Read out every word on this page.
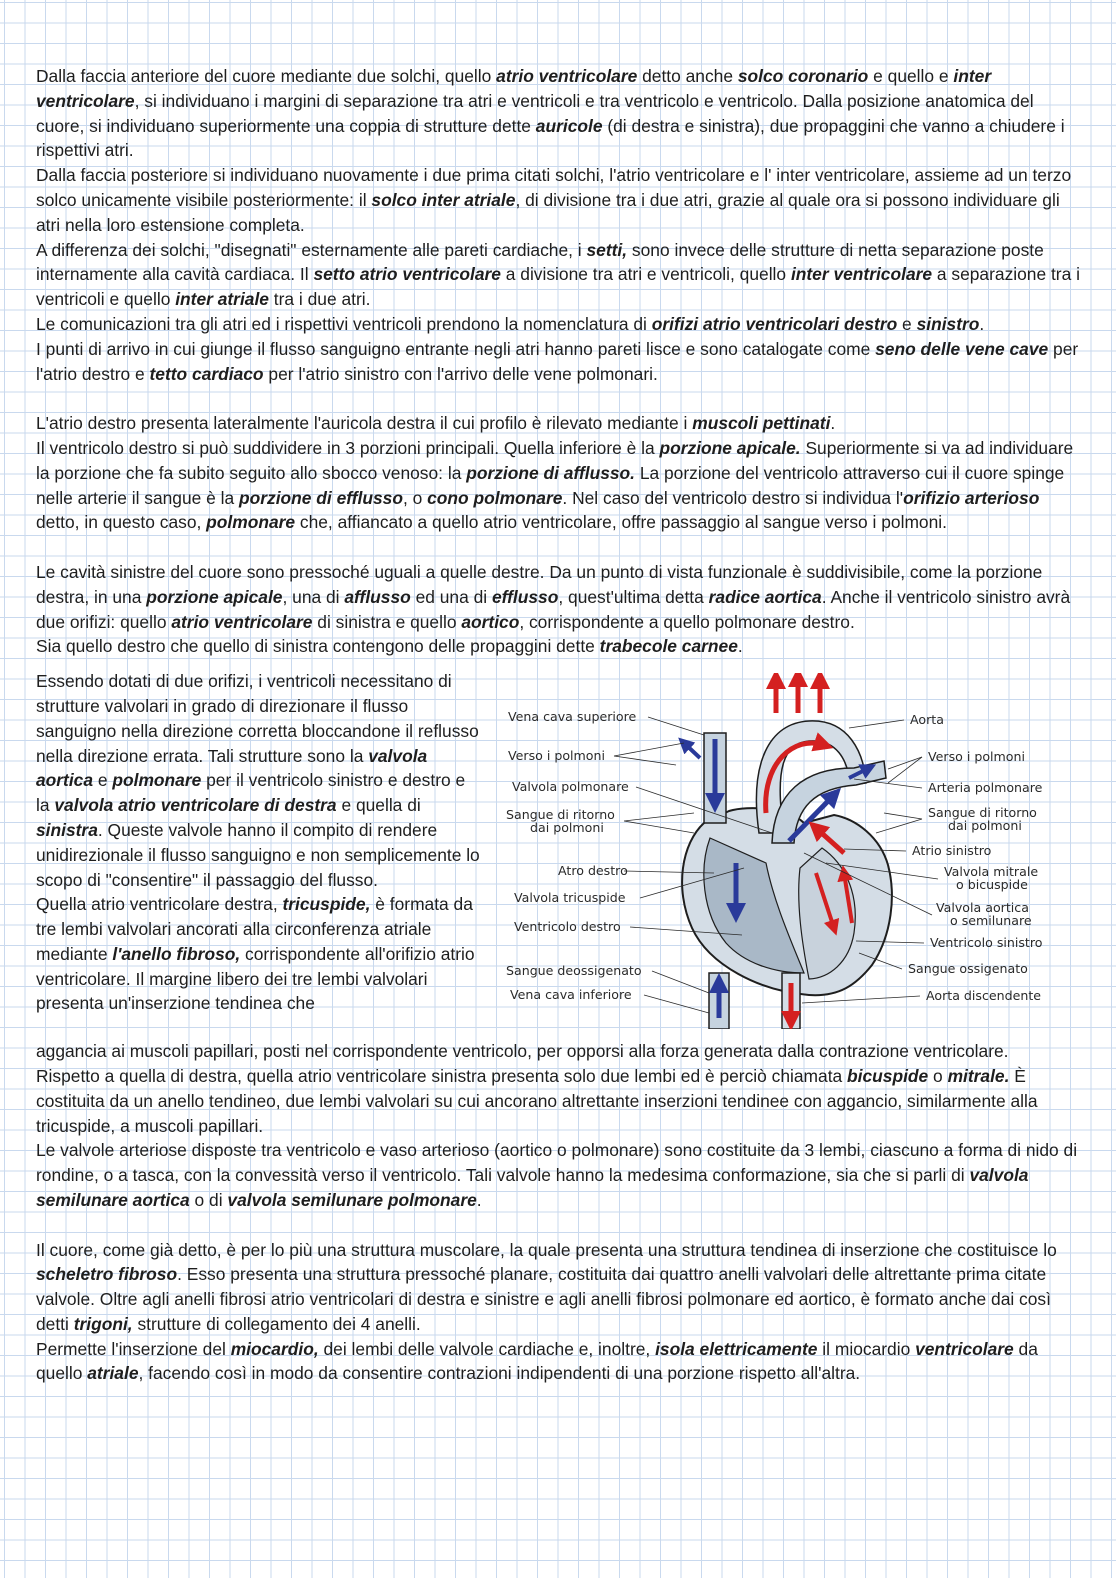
Dalla faccia anteriore del cuore mediante due solchi, quello atrio ventricolare detto anche solco coronario e quello e inter ventricolare, si individuano i margini di separazione tra atri e ventricoli e tra ventricolo e ventricolo. Dalla posizione anatomica del cuore, si individuano superiormente una coppia di strutture dette auricole (di destra e sinistra), due propaggini che vanno a chiudere i rispettivi atri.

Dalla faccia posteriore si individuano nuovamente i due prima citati solchi, l'atrio ventricolare e l' inter ventricolare, assieme ad un terzo solco unicamente visibile posteriormente: il solco inter atriale, di divisione tra i due atri, grazie al quale ora si possono individuare gli atri nella loro estensione completa.

A differenza dei solchi, "disegnati" esternamente alle pareti cardiache, i setti, sono invece delle strutture di netta separazione poste internamente alla cavità cardiaca. Il setto atrio ventricolare a divisione tra atri e ventricoli, quello inter ventricolare a separazione tra i ventricoli e quello inter atriale tra i due atri.

Le comunicazioni tra gli atri ed i rispettivi ventricoli prendono la nomenclatura di orifizi atrio ventricolari destro e sinistro.

I punti di arrivo in cui giunge il flusso sanguigno entrante negli atri hanno pareti lisce e sono catalogate come seno delle vene cave per l'atrio destro e tetto cardiaco per l'atrio sinistro con l'arrivo delle vene polmonari.

L'atrio destro presenta lateralmente l'auricola destra il cui profilo è rilevato mediante i muscoli pettinati.

Il ventricolo destro si può suddividere in 3 porzioni principali. Quella inferiore è la porzione apicale. Superiormente si va ad individuare la porzione che fa subito seguito allo sbocco venoso: la porzione di afflusso. La porzione del ventricolo attraverso cui il cuore spinge nelle arterie il sangue è la porzione di efflusso, o cono polmonare. Nel caso del ventricolo destro si individua l'orifizio arterioso detto, in questo caso, polmonare che, affiancato a quello atrio ventricolare, offre passaggio al sangue verso i polmoni.

Le cavità sinistre del cuore sono pressoché uguali a quelle destre. Da un punto di vista funzionale è suddivisibile, come la porzione destra, in una porzione apicale, una di afflusso ed una di efflusso, quest'ultima detta radice aortica. Anche il ventricolo sinistro avrà due orifizi: quello atrio ventricolare di sinistra e quello aortico, corrispondente a quello polmonare destro.

Sia quello destro che quello di sinistra contengono delle propaggini dette trabecole carnee.

Essendo dotati di due orifizi, i ventricoli necessitano di strutture valvolari in grado di direzionare il flusso sanguigno nella direzione corretta bloccandone il reflusso nella direzione errata. Tali strutture sono la valvola aortica e polmonare per il ventricolo sinistro e destro e la valvola atrio ventricolare di destra e quella di sinistra. Queste valvole hanno il compito di rendere unidirezionale il flusso sanguigno e non semplicemente lo scopo di "consentire" il passaggio del flusso.

Quella atrio ventricolare destra, tricuspide, è formata da tre lembi valvolari ancorati alla circonferenza atriale mediante l'anello fibroso, corrispondente all'orifizio atrio ventricolare. Il margine libero dei tre lembi valvolari presenta un'inserzione tendinea che

Vena cava superiore
Verso i polmoni
Valvola polmonare
Sangue di ritorno
dai polmoni
Atro destro
Valvola tricuspide
Ventricolo destro
Sangue deossigenato
Vena cava inferiore
Aorta
Verso i polmoni
Arteria polmonare
Sangue di ritorno
dai polmoni
Atrio sinistro
Valvola mitrale
o bicuspide
Valvola aortica
o semilunare
Ventricolo sinistro
Sangue ossigenato
Aorta discendente

aggancia ai muscoli papillari, posti nel corrispondente ventricolo, per opporsi alla forza generata dalla contrazione ventricolare.

Rispetto a quella di destra, quella atrio ventricolare sinistra presenta solo due lembi ed è perciò chiamata bicuspide o mitrale. È costituita da un anello tendineo, due lembi valvolari su cui ancorano altrettante inserzioni tendinee con aggancio, similarmente alla tricuspide, a muscoli papillari.

Le valvole arteriose disposte tra ventricolo e vaso arterioso (aortico o polmonare) sono costituite da 3 lembi, ciascuno a forma di nido di rondine, o a tasca, con la convessità verso il ventricolo. Tali valvole hanno la medesima conformazione, sia che si parli di valvola semilunare aortica o di valvola semilunare polmonare.

Il cuore, come già detto, è per lo più una struttura muscolare, la quale presenta una struttura tendinea di inserzione che costituisce lo scheletro fibroso. Esso presenta una struttura pressoché planare, costituita dai quattro anelli valvolari delle altrettante prima citate valvole. Oltre agli anelli fibrosi atrio ventricolari di destra e sinistre e agli anelli fibrosi polmonare ed aortico, è formato anche dai così detti trigoni, strutture di collegamento dei 4 anelli.

Permette l'inserzione del miocardio, dei lembi delle valvole cardiache e, inoltre, isola elettricamente il miocardio ventricolare da quello atriale, facendo così in modo da consentire contrazioni indipendenti di una porzione rispetto all'altra.
